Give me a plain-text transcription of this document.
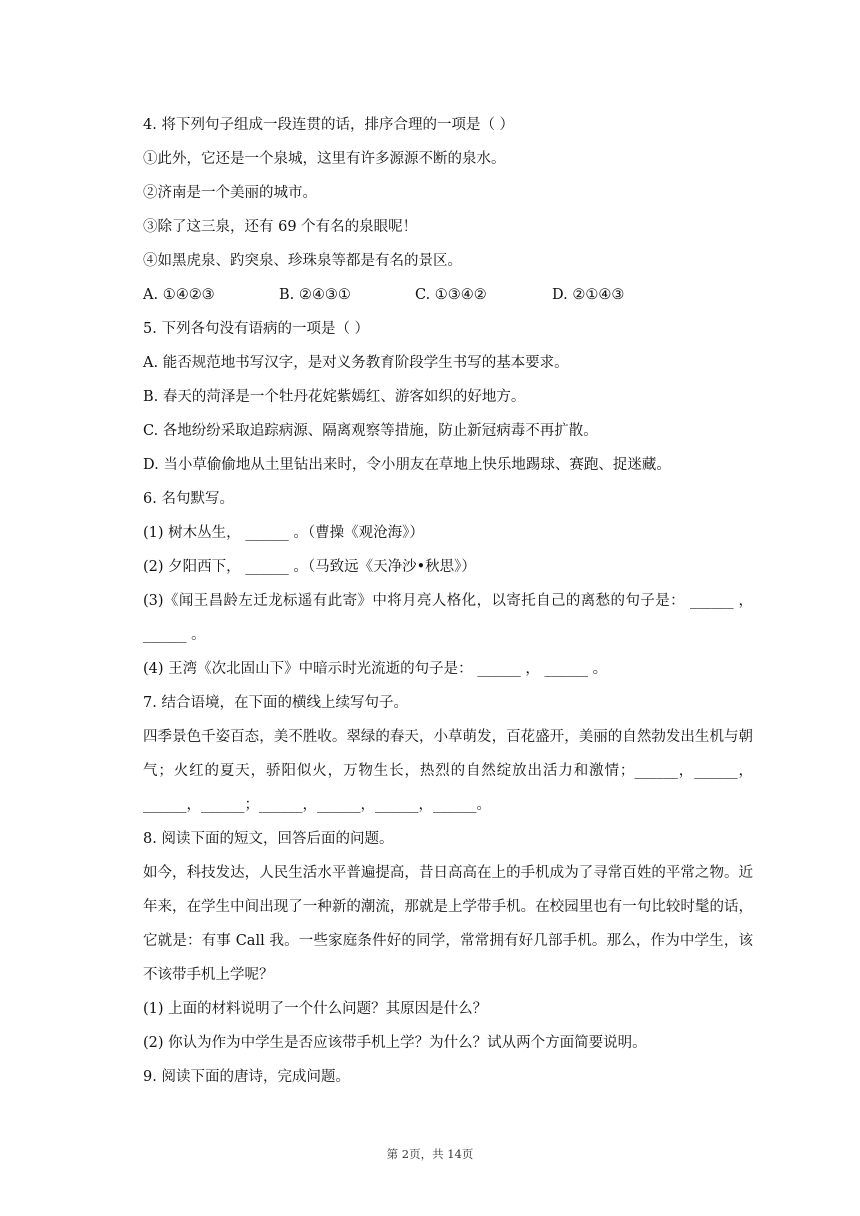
4. 将下列句子组成一段连贯的话，排序合理的一项是（ ）
①此外，它还是一个泉城，这里有许多源源不断的泉水。
②济南是一个美丽的城市。
③除了这三泉，还有 69 个有名的泉眼呢！
④如黑虎泉、趵突泉、珍珠泉等都是有名的景区。
A. ①④②③	B. ②④③①	C. ①③④②	D. ②①④③
5. 下列各句没有语病的一项是（ ）
A. 能否规范地书写汉字，是对义务教育阶段学生书写的基本要求。
B. 春天的菏泽是一个牡丹花姹紫嫣红、游客如织的好地方。
C. 各地纷纷采取追踪病源、隔离观察等措施，防止新冠病毒不再扩散。
D. 当小草偷偷地从土里钻出来时，令小朋友在草地上快乐地踢球、赛跑、捉迷藏。
6. 名句默写。
(1) 树木丛生， ______ 。（曹操《观沧海》）
(2) 夕阳西下， ______ 。（马致远《天净沙•秋思》）
(3)《闻王昌龄左迁龙标遥有此寄》中将月亮人格化，以寄托自己的离愁的句子是： ______ ，______ 。
(4) 王湾《次北固山下》中暗示时光流逝的句子是： ______ ， ______ 。
7. 结合语境，在下面的横线上续写句子。
四季景色千姿百态，美不胜收。翠绿的春天，小草萌发，百花盛开，美丽的自然勃发出生机与朝气；火红的夏天，骄阳似火，万物生长，热烈的自然绽放出活力和激情；______，______，______，______；______，______，______，______。
8. 阅读下面的短文，回答后面的问题。
如今，科技发达，人民生活水平普遍提高，昔日高高在上的手机成为了寻常百姓的平常之物。近年来，在学生中间出现了一种新的潮流，那就是上学带手机。在校园里也有一句比较时髦的话，它就是：有事 Call 我。一些家庭条件好的同学，常常拥有好几部手机。那么，作为中学生，该不该带手机上学呢？
(1) 上面的材料说明了一个什么问题？其原因是什么？
(2) 你认为作为中学生是否应该带手机上学？为什么？试从两个方面简要说明。
9. 阅读下面的唐诗，完成问题。
第 2页，共 14页
